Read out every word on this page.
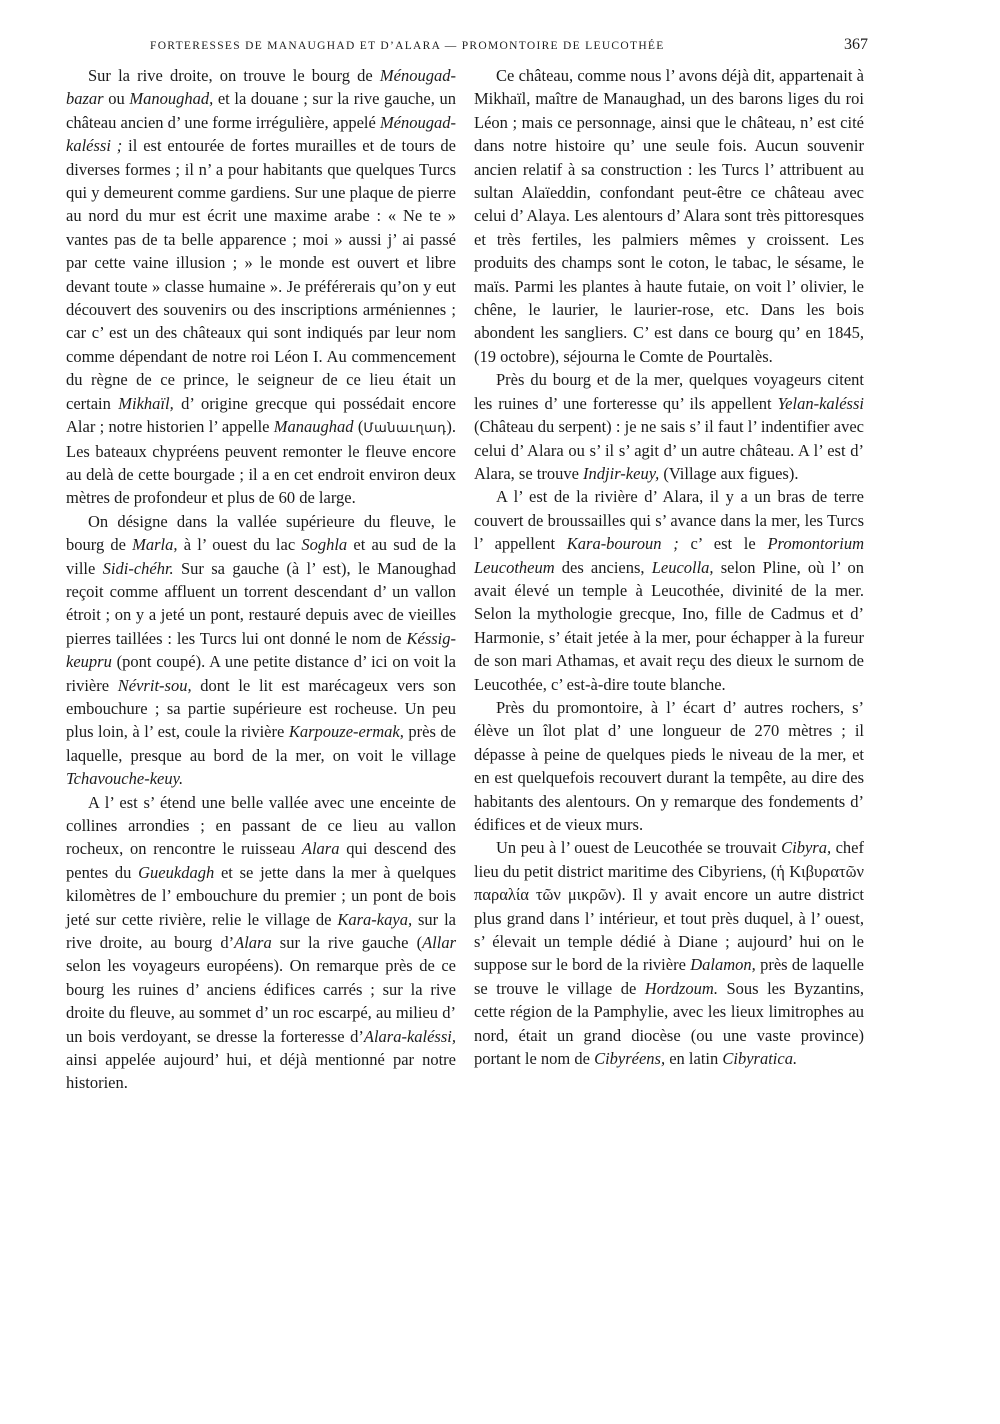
FORTERESSES DE MANAUGHAD ET D’ALARA — PROMONTOIRE DE LEUCOTHÉE	367

Sur la rive droite, on trouve le bourg de Ménougad-bazar ou Manoughad, et la douane ; sur la rive gauche, un château ancien d’ une forme irrégulière, appelé Ménougad-kaléssi ; il est entourée de fortes murailles et de tours de diverses formes ; il n’ a pour habitants que quelques Turcs qui y demeurent comme gardiens. Sur une plaque de pierre au nord du mur est écrit une maxime arabe : « Ne te » vantes pas de ta belle apparence ; moi » aussi j’ ai passé par cette vaine illusion ; » le monde est ouvert et libre devant toute » classe humaine ». Je préférerais qu’on y eut découvert des souvenirs ou des inscriptions arméniennes ; car c’ est un des châteaux qui sont indiqués par leur nom comme dépendant de notre roi Léon I. Au commencement du règne de ce prince, le seigneur de ce lieu était un certain Mikhaïl, d’ origine grecque qui possédait encore Alar ; notre historien l’ appelle Manaughad (Մանաւղադ). Les bateaux chypréens peuvent remonter le fleuve encore au delà de cette bourgade ; il a en cet endroit environ deux mètres de profondeur et plus de 60 de large.

On désigne dans la vallée supérieure du fleuve, le bourg de Marla, à l’ ouest du lac Soghla et au sud de la ville Sidi-chéhr. Sur sa gauche (à l’ est), le Manoughad reçoit comme affluent un torrent descendant d’ un vallon étroit ; on y a jeté un pont, restauré depuis avec de vieilles pierres taillées : les Turcs lui ont donné le nom de Késsig-keupru (pont coupé). A une petite distance d’ ici on voit la rivière Névrit-sou, dont le lit est marécageux vers son embouchure ; sa partie supérieure est rocheuse. Un peu plus loin, à l’ est, coule la rivière Karpouze-ermak, près de laquelle, presque au bord de la mer, on voit le village Tchavouche-keuy.

A l’ est s’ étend une belle vallée avec une enceinte de collines arrondies ; en passant de ce lieu au vallon rocheux, on rencontre le ruisseau Alara qui descend des pentes du Gueukdagh et se jette dans la mer à quelques kilomètres de l’ embouchure du premier ; un pont de bois jeté sur cette rivière, relie le village de Kara-kaya, sur la rive droite, au bourg d’Alara sur la rive gauche (Allar selon les voyageurs européens). On remarque près de ce bourg les ruines d’ anciens édifices carrés ; sur la rive droite du fleuve, au sommet d’ un roc escarpé, au milieu d’ un bois verdoyant, se dresse la forteresse d’Alara-kaléssi, ainsi appelée aujourd’ hui, et déjà mentionné par notre historien.

Ce château, comme nous l’ avons déjà dit, appartenait à Mikhaïl, maître de Manaughad, un des barons liges du roi Léon ; mais ce personnage, ainsi que le château, n’ est cité dans notre histoire qu’ une seule fois. Aucun souvenir ancien relatif à sa construction : les Turcs l’ attribuent au sultan Alaïeddin, confondant peut-être ce château avec celui d’ Alaya. Les alentours d’ Alara sont très pittoresques et très fertiles, les palmiers mêmes y croissent. Les produits des champs sont le coton, le tabac, le sésame, le maïs. Parmi les plantes à haute futaie, on voit l’ olivier, le chêne, le laurier, le laurier-rose, etc. Dans les bois abondent les sangliers. C’ est dans ce bourg qu’ en 1845, (19 octobre), séjourna le Comte de Pourtalès.

Près du bourg et de la mer, quelques voyageurs citent les ruines d’ une forteresse qu’ ils appellent Yelan-kaléssi (Château du serpent) : je ne sais s’ il faut l’ indentifier avec celui d’ Alara ou s’ il s’ agit d’ un autre château. A l’ est d’ Alara, se trouve Indjir-keuy, (Village aux figues).

A l’ est de la rivière d’ Alara, il y a un bras de terre couvert de broussailles qui s’ avance dans la mer, les Turcs l’ appellent Kara-bouroun ; c’ est le Promontorium Leucotheum des anciens, Leucolla, selon Pline, où l’ on avait élevé un temple à Leucothée, divinité de la mer. Selon la mythologie grecque, Ino, fille de Cadmus et d’ Harmonie, s’ était jetée à la mer, pour échapper à la fureur de son mari Athamas, et avait reçu des dieux le surnom de Leucothée, c’ est-à-dire toute blanche.

Près du promontoire, à l’ écart d’ autres rochers, s’ élève un îlot plat d’ une longueur de 270 mètres ; il dépasse à peine de quelques pieds le niveau de la mer, et en est quelquefois recouvert durant la tempête, au dire des habitants des alentours. On y remarque des fondements d’ édifices et de vieux murs.

Un peu à l’ ouest de Leucothée se trouvait Cibyra, chef lieu du petit district maritime des Cibyriens, (ἡ Κιβυρατῶν παραλία τῶν μικρῶν). Il y avait encore un autre district plus grand dans l’ intérieur, et tout près duquel, à l’ ouest, s’ élevait un temple dédié à Diane ; aujourd’ hui on le suppose sur le bord de la rivière Dalamon, près de laquelle se trouve le village de Hordzoum. Sous les Byzantins, cette région de la Pamphylie, avec les lieux limitrophes au nord, était un grand diocèse (ou une vaste province) portant le nom de Cibyréens, en latin Cibyratica.
